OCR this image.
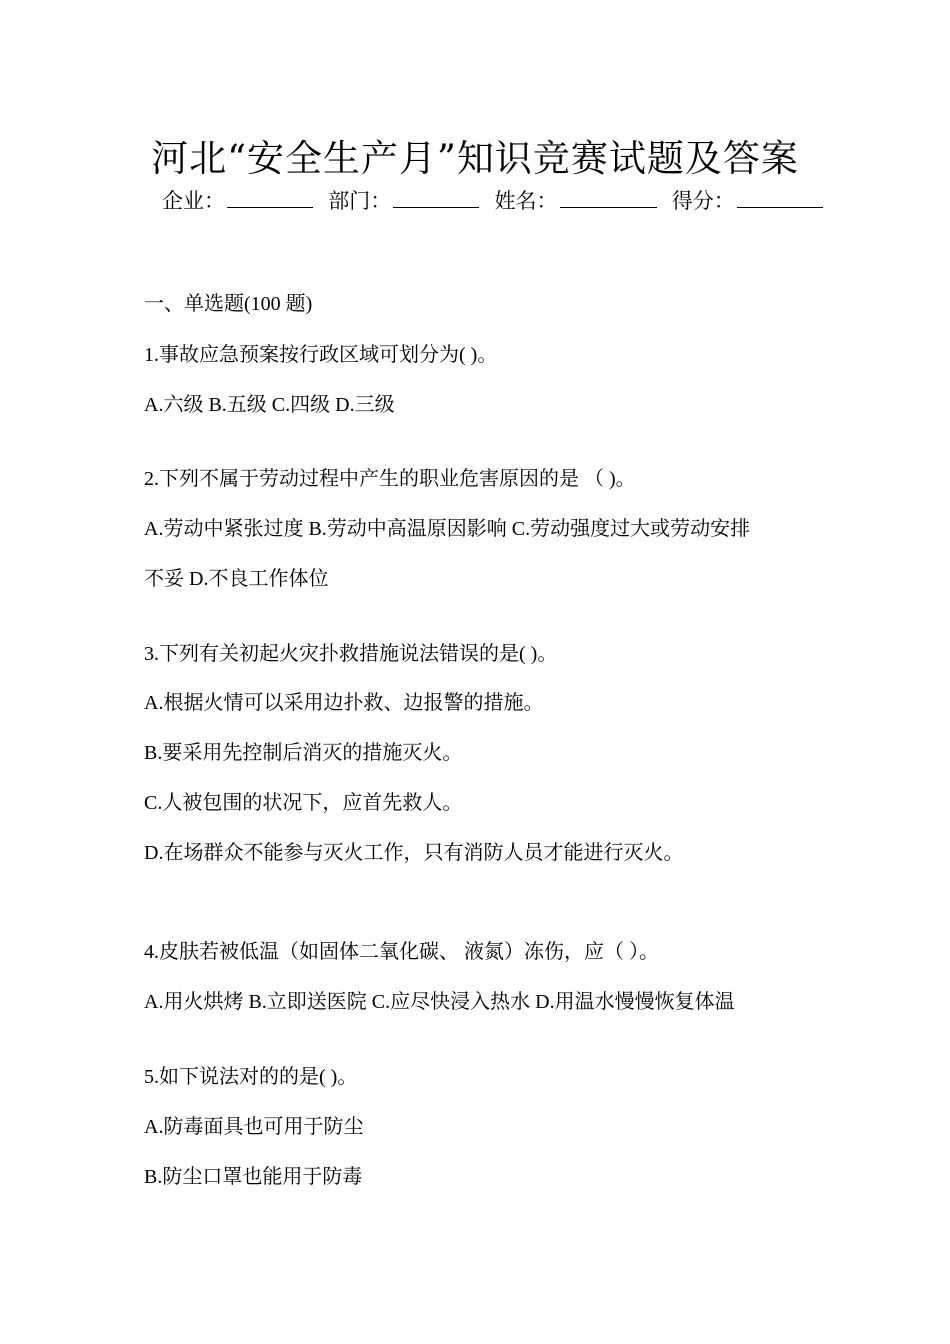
河北“安全生产月”知识竞赛试题及答案
企业：	部门：	姓名：	得分：
一、单选题(100 题)
1.事故应急预案按行政区域可划分为( )。
A.六级 B.五级 C.四级 D.三级
2.下列不属于劳动过程中产生的职业危害原因的是 （ )。
A.劳动中紧张过度 B.劳动中高温原因影响 C.劳动强度过大或劳动安排
不妥 D.不良工作体位
3.下列有关初起火灾扑救措施说法错误的是( )。
A.根据火情可以采用边扑救、边报警的措施。
B.要采用先控制后消灭的措施灭火。
C.人被包围的状况下，应首先救人。
D.在场群众不能参与灭火工作，只有消防人员才能进行灭火。
4.皮肤若被低温（如固体二氧化碳、 液氮）冻伤，应（ ）。
A.用火烘烤 B.立即送医院 C.应尽快浸入热水 D.用温水慢慢恢复体温
5.如下说法对的的是( )。
A.防毒面具也可用于防尘
B.防尘口罩也能用于防毒
